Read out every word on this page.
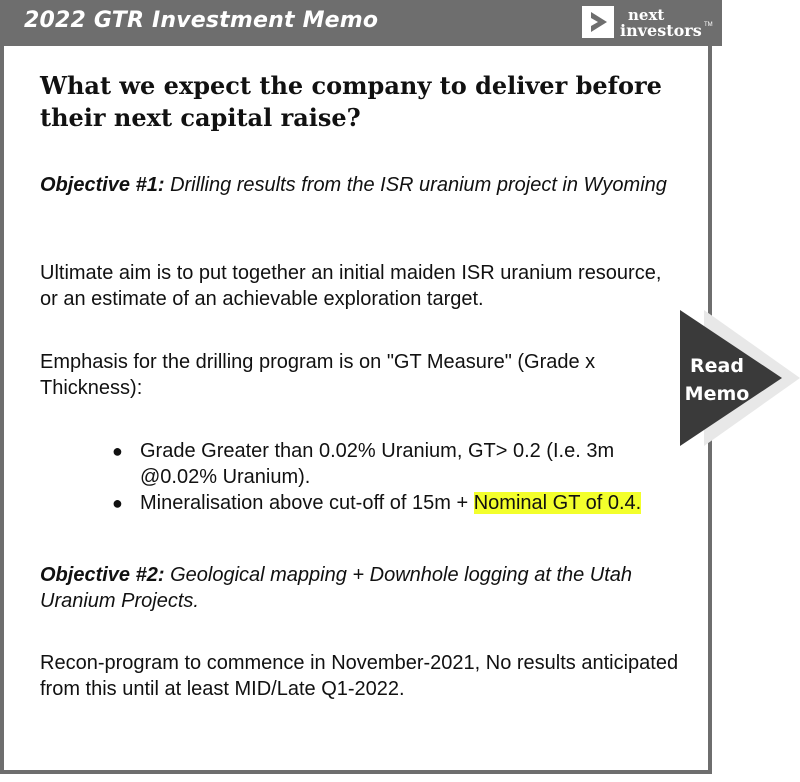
2022 GTR Investment Memo	next
investors TM
What we expect the company to deliver before their next capital raise?

Objective #1: Drilling results from the ISR uranium project in Wyoming

Ultimate aim is to put together an initial maiden ISR uranium resource, or an estimate of an achievable exploration target.

Emphasis for the drilling program is on "GT Measure" (Grade x Thickness):

● Grade Greater than 0.02% Uranium, GT> 0.2 (I.e. 3m @0.02% Uranium).
● Mineralisation above cut-off of 15m + Nominal GT of 0.4.

Objective #2: Geological mapping + Downhole logging at the Utah Uranium Projects.

Recon-program to commence in November-2021, No results anticipated from this until at least MID/Late Q1-2022.

Read
Memo
